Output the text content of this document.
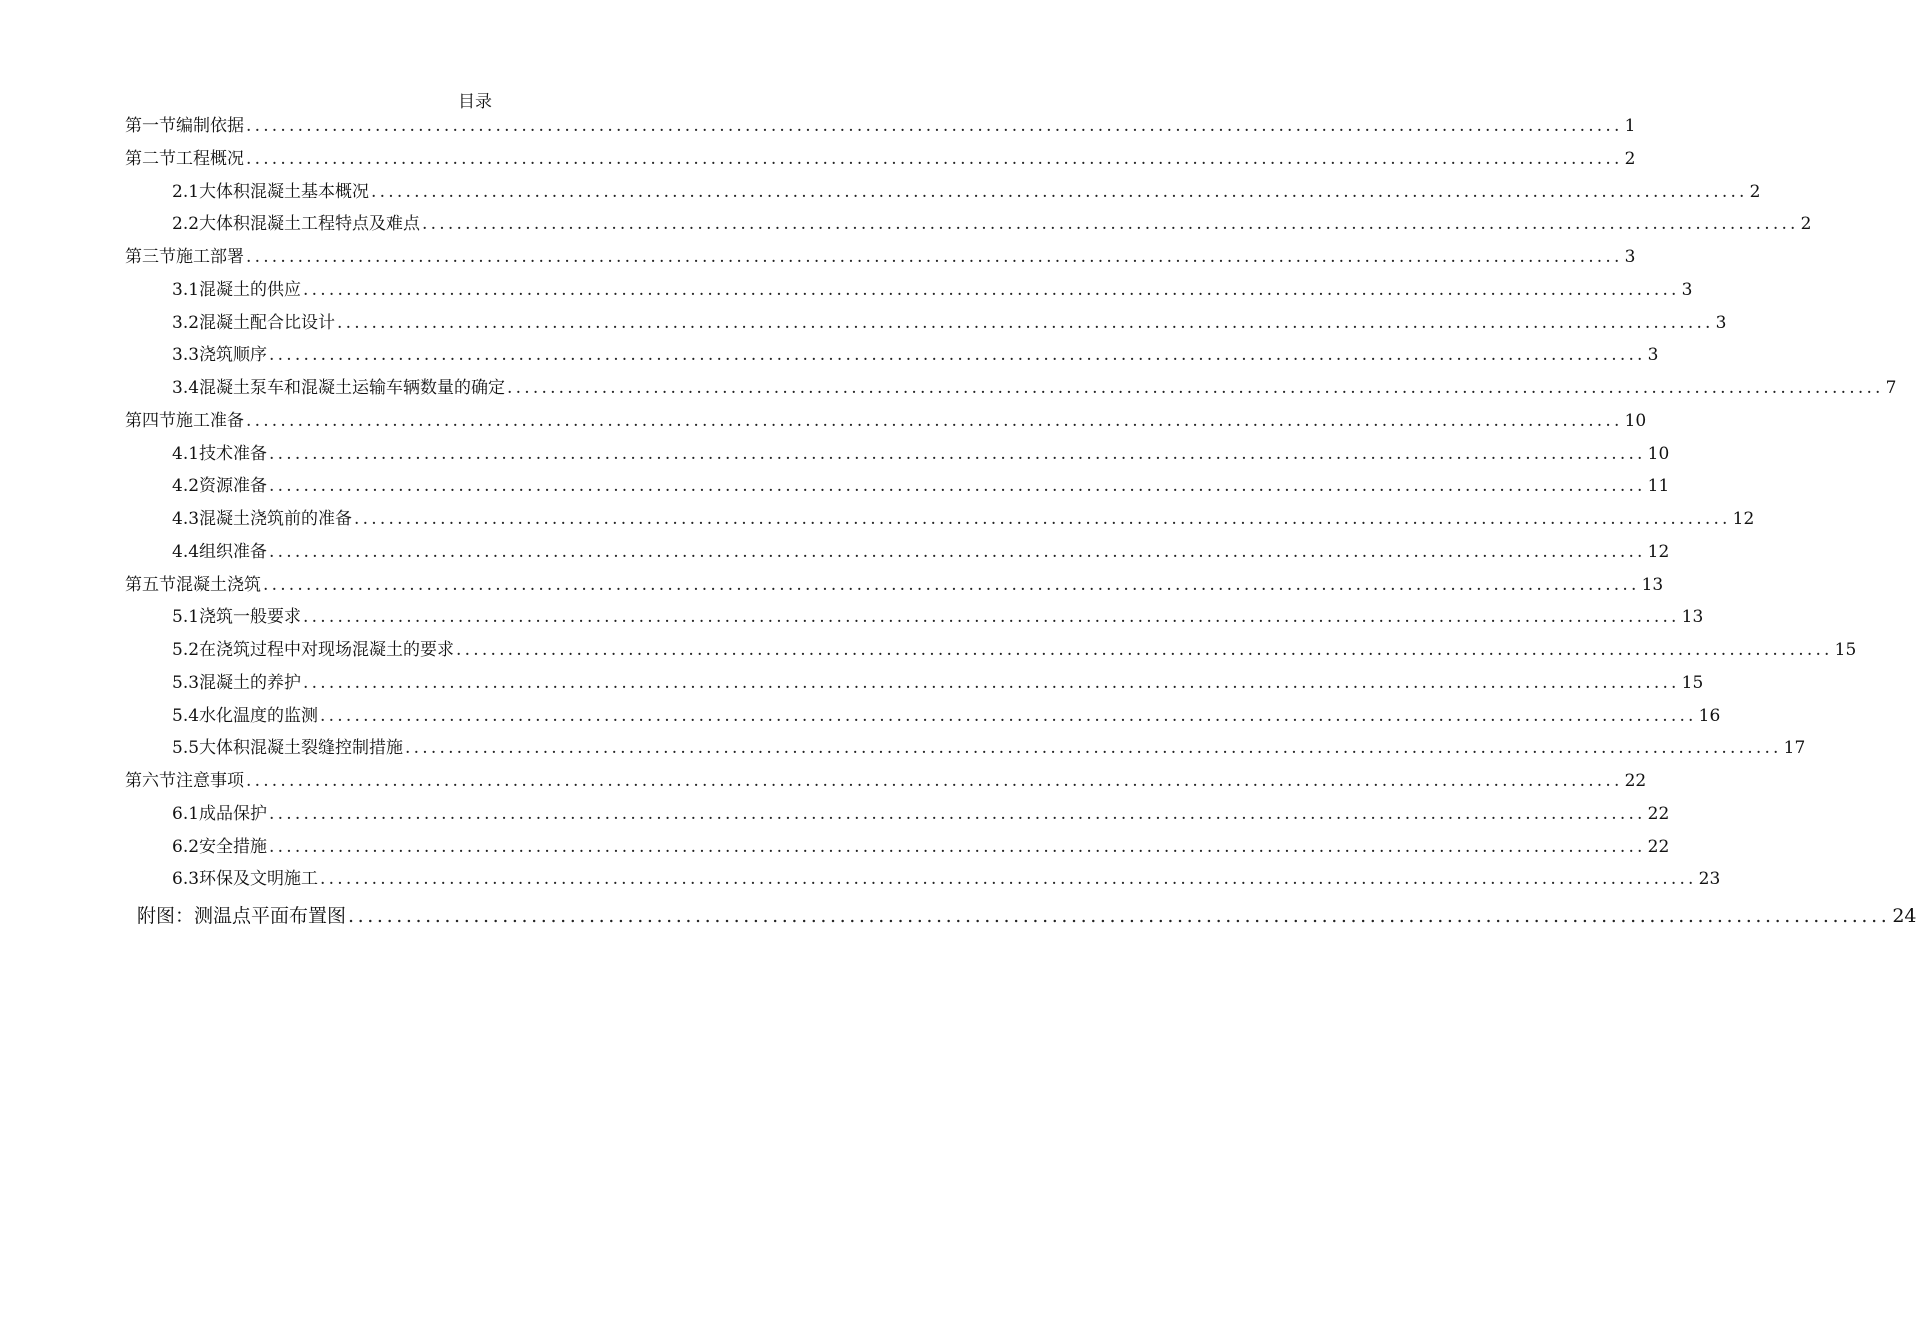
目录
第一节 编制依据 ................................................................................................................................................................ 1
第二节 工程概况 ................................................................................................................................................................ 2
2.1 大体积混凝土基本概况 ................................................................................................................................................................ 2
2.2 大体积混凝土工程特点及难点 ................................................................................................................................................................ 2
第三节 施工部署 ................................................................................................................................................................ 3
3.1 混凝土的供应 ................................................................................................................................................................ 3
3.2 混凝土配合比设计 ................................................................................................................................................................ 3
3.3 浇筑顺序 ................................................................................................................................................................ 3
3.4 混凝土泵车和混凝土运输车辆数量的确定 ................................................................................................................................................................ 7
第四节 施工准备 ................................................................................................................................................................ 10
4.1 技术准备 ................................................................................................................................................................ 10
4.2 资源准备 ................................................................................................................................................................ 11
4.3 混凝土浇筑前的准备 ................................................................................................................................................................ 12
4.4 组织准备 ................................................................................................................................................................ 12
第五节 混凝土浇筑 ................................................................................................................................................................ 13
5.1 浇筑一般要求 ................................................................................................................................................................ 13
5.2 在浇筑过程中对现场混凝土的要求 ................................................................................................................................................................ 15
5.3 混凝土的养护 ................................................................................................................................................................ 15
5.4 水化温度的监测 ................................................................................................................................................................ 16
5.5 大体积混凝土裂缝控制措施 ................................................................................................................................................................ 17
第六节 注意事项 ................................................................................................................................................................ 22
6.1 成品保护 ................................................................................................................................................................ 22
6.2 安全措施 ................................................................................................................................................................ 22
6.3 环保及文明施工 ................................................................................................................................................................ 23
附图：测温点平面布置图 ................................................................................................................................................................ 24
